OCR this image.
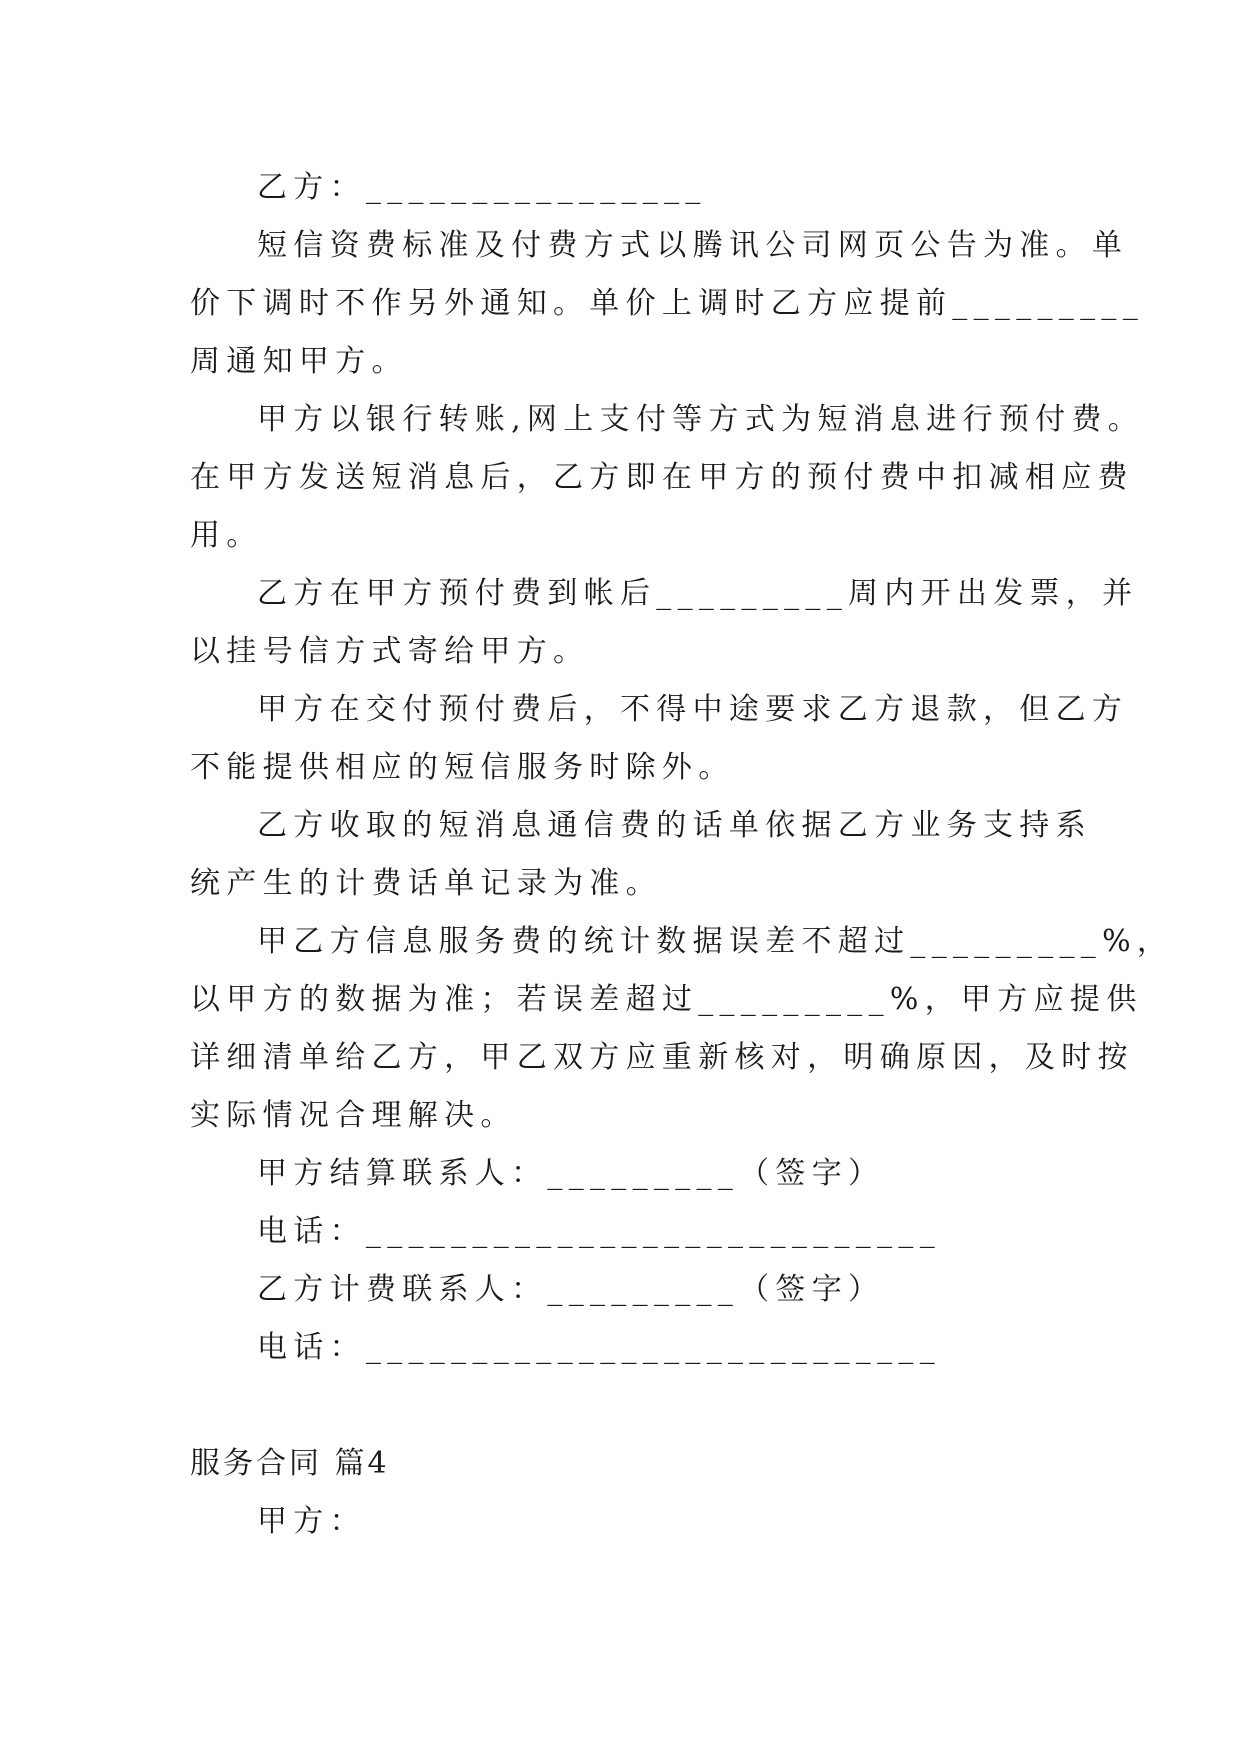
乙方：________________
短信资费标准及付费方式以腾讯公司网页公告为准。单
价下调时不作另外通知。单价上调时乙方应提前_________
周通知甲方。
甲方以银行转账,网上支付等方式为短消息进行预付费。
在甲方发送短消息后，乙方即在甲方的预付费中扣减相应费
用。
乙方在甲方预付费到帐后_________周内开出发票，并
以挂号信方式寄给甲方。
甲方在交付预付费后，不得中途要求乙方退款，但乙方
不能提供相应的短信服务时除外。
乙方收取的短消息通信费的话单依据乙方业务支持系
统产生的计费话单记录为准。
甲乙方信息服务费的统计数据误差不超过_________%，
以甲方的数据为准；若误差超过_________%，甲方应提供
详细清单给乙方，甲乙双方应重新核对，明确原因，及时按
实际情况合理解决。
甲方结算联系人：_________（签字）
电话：___________________________
乙方计费联系人：_________（签字）
电话：___________________________
服务合同 篇4
甲方：
